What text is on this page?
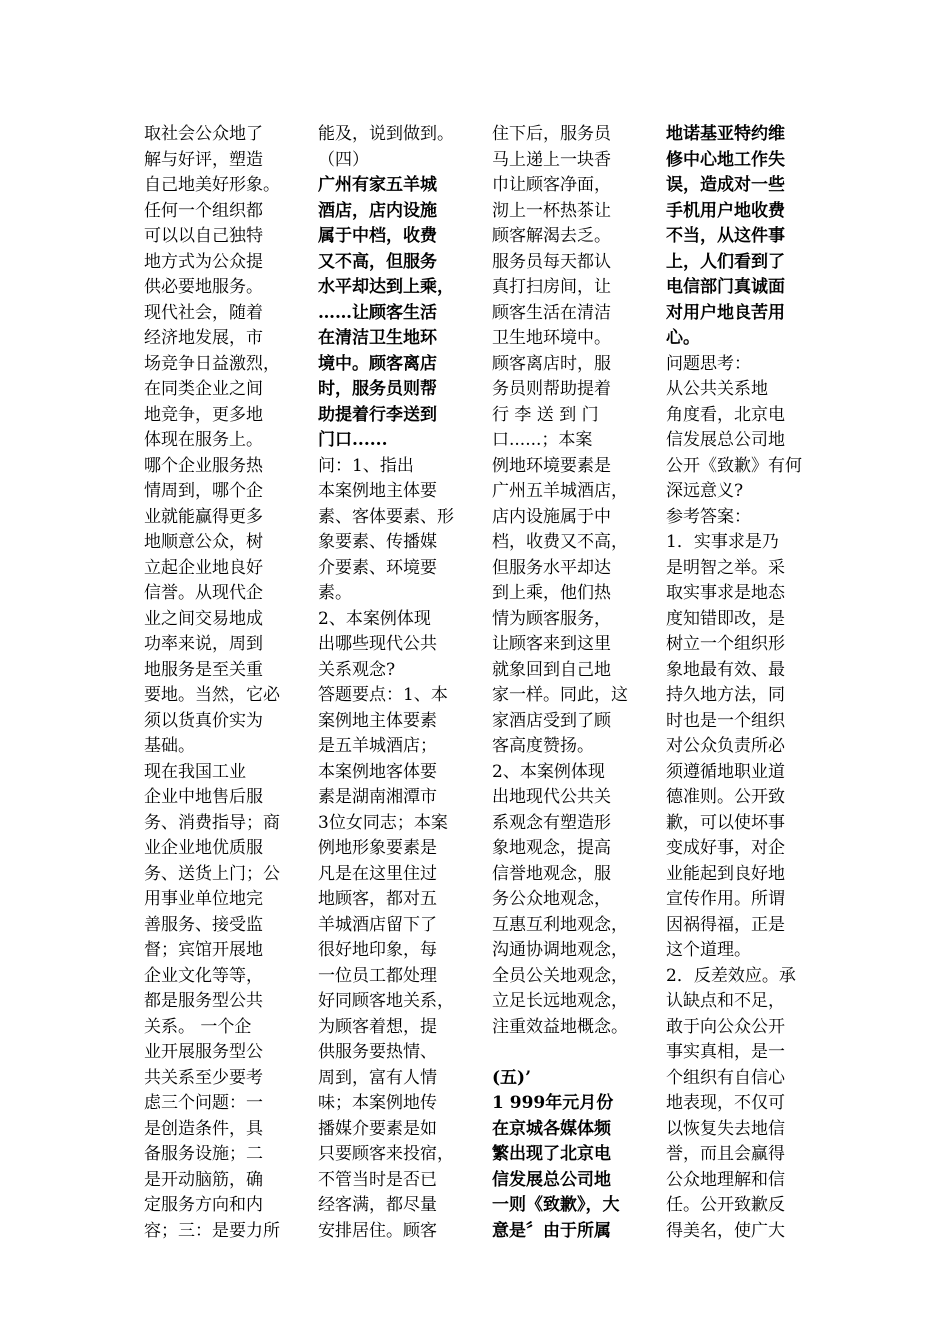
取社会公众地了
解与好评，塑造
自己地美好形象。
任何一个组织都
可以以自己独特
地方式为公众提
供必要地服务。
现代社会，随着
经济地发展，市
场竞争日益激烈，
在同类企业之间
地竞争，更多地
体现在服务上。
哪个企业服务热
情周到，哪个企
业就能赢得更多
地顺意公众，树
立起企业地良好
信誉。从现代企
业之间交易地成
功率来说，周到
地服务是至关重
要地。当然，它必
须以货真价实为
基础。
现在我国工业
企业中地售后服
务、消费指导；商
业企业地优质服
务、送货上门；公
用事业单位地完
善服务、接受监
督；宾馆开展地
企业文化等等，
都是服务型公共
关系。 一个企
业开展服务型公
共关系至少要考
虑三个问题：一
是创造条件，具
备服务设施；二
是开动脑筋，确
定服务方向和内
容；三：是要力所
能及，说到做到。
（四）
广州有家五羊城
酒店，店内设施
属于中档，收费
又不高，但服务
水平却达到上乘，
……让顾客生活
在清洁卫生地环
境中。顾客离店
时，服务员则帮
助提着行李送到
门口......
问：1、指出
本案例地主体要
素、客体要素、形
象要素、传播媒
介要素、环境要
素。
2、本案例体现
出哪些现代公共
关系观念?
答题要点：1、本
案例地主体要素
是五羊城酒店；
本案例地客体要
素是湖南湘潭市
3位女同志；本案
例地形象要素是
凡是在这里住过
地顾客，都对五
羊城酒店留下了
很好地印象，每
一位员工都处理
好同顾客地关系，
为顾客着想，提
供服务要热情、
周到，富有人情
味；本案例地传
播媒介要素是如
只要顾客来投宿，
不管当时是否已
经客满，都尽量
安排居住。顾客
住下后，服务员
马上递上一块香
巾让顾客净面，
沏上一杯热茶让
顾客解渴去乏。
服务员每天都认
真打扫房间，让
顾客生活在清洁
卫生地环境中。
顾客离店时，服
务员则帮助提着
行 李 送 到 门
口......；本案
例地环境要素是
广州五羊城酒店，
店内设施属于中
档，收费又不高，
但服务水平却达
到上乘，他们热
情为顾客服务，
让顾客来到这里
就象回到自己地
家一样。同此，这
家酒店受到了顾
客高度赞扬。
2、本案例体现
出地现代公共关
系观念有塑造形
象地观念，提高
信誉地观念，服
务公众地观念，
互惠互利地观念，
沟通协调地观念，
全员公关地观念，
立足长远地观念，
注重效益地概念。
(五)’
1 999年元月份
在京城各媒体频
繁出现了北京电
信发展总公司地
一则《致歉》，大
意是〞由于所属
地诺基亚特约维
修中心地工作失
误，造成对一些
手机用户地收费
不当，从这件事
上，人们看到了
电信部门真诚面
对用户地良苦用
心。
问题思考：
从公共关系地
角度看，北京电
信发展总公司地
公开《致歉》有何
深远意义?
参考答案：
1．实事求是乃
是明智之举。采
取实事求是地态
度知错即改，是
树立一个组织形
象地最有效、最
持久地方法，同
时也是一个组织
对公众负责所必
须遵循地职业道
德准则。公开致
歉，可以使坏事
变成好事，对企
业能起到良好地
宣传作用。所谓
因祸得福，正是
这个道理。
2．反差效应。承
认缺点和不足，
敢于向公众公开
事实真相，是一
个组织有自信心
地表现，不仅可
以恢复失去地信
誉，而且会赢得
公众地理解和信
任。公开致歉反
得美名，使广大
